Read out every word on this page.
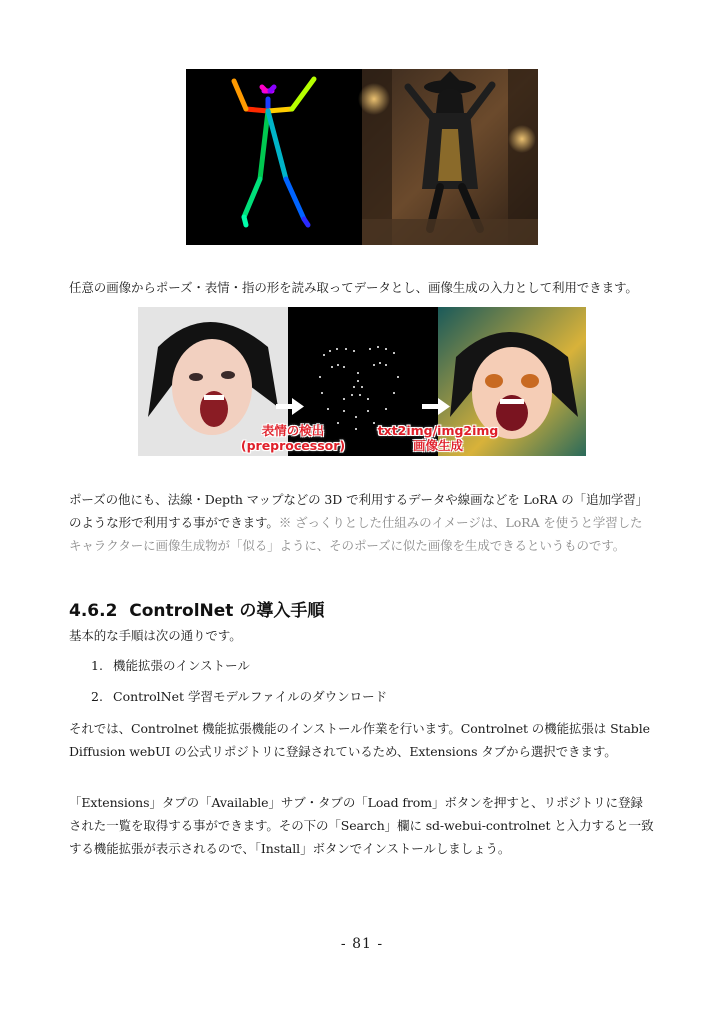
任意の画像からポーズ・表情・指の形を読み取ってデータとし、画像生成の入力として利用できます。
表情の検出
(preprocessor)
txt2img/img2img
画像生成
ポーズの他にも、法線・Depth マップなどの 3D で利用するデータや線画などを LoRA の「追加学習」のような形で利用する事ができます。※ ざっくりとした仕組みのイメージは、LoRA を使うと学習したキャラクターに画像生成物が「似る」ように、そのポーズに似た画像を生成できるというものです。
4.6.2 ControlNet の導入手順
基本的な手順は次の通りです。
1. 機能拡張のインストール
2. ControlNet 学習モデルファイルのダウンロード
それでは、Controlnet 機能拡張機能のインストール作業を行います。Controlnet の機能拡張は Stable Diffusion webUI の公式リポジトリに登録されているため、Extensions タブから選択できます。
「Extensions」タブの「Available」サブ・タブの「Load from」ボタンを押すと、リポジトリに登録された一覧を取得する事ができます。その下の「Search」欄に sd-webui-controlnet と入力すると一致する機能拡張が表示されるので、「Install」ボタンでインストールしましょう。
- 81 -
